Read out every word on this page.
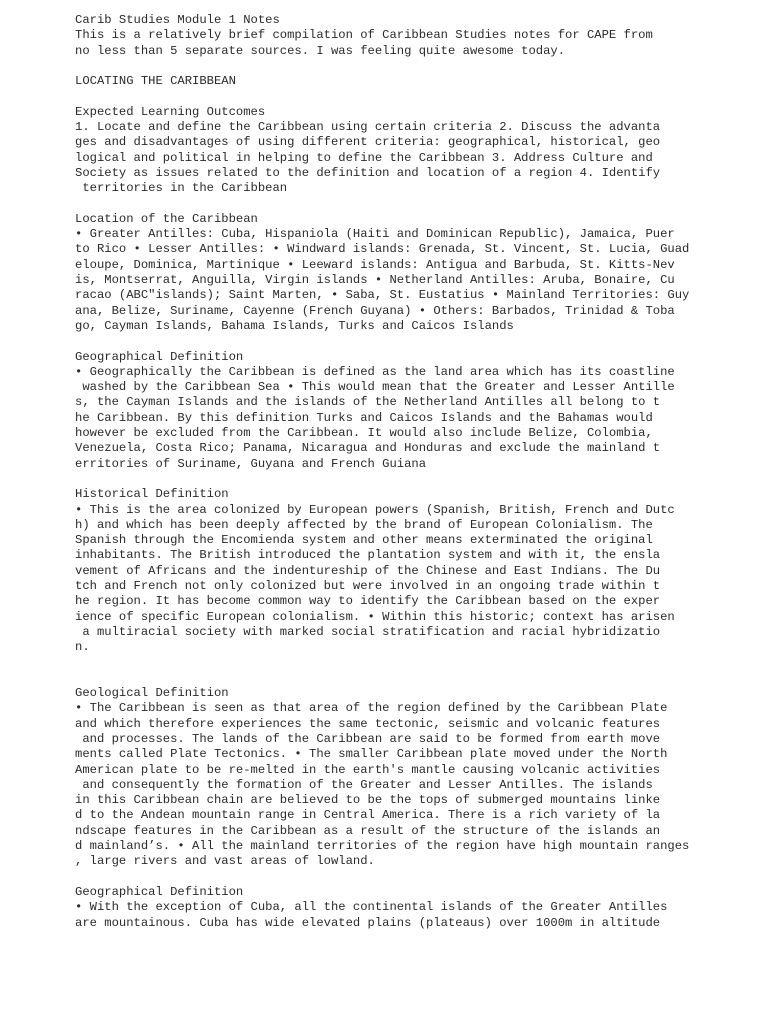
Carib Studies Module 1 Notes
This is a relatively brief compilation of Caribbean Studies notes for CAPE from
no less than 5 separate sources. I was feeling quite awesome today.
LOCATING THE CARIBBEAN
Expected Learning Outcomes
1. Locate and define the Caribbean using certain criteria 2. Discuss the advanta
ges and disadvantages of using different criteria: geographical, historical, geo
logical and political in helping to define the Caribbean 3. Address Culture and
Society as issues related to the definition and location of a region 4. Identify
territories in the Caribbean
Location of the Caribbean
• Greater Antilles: Cuba, Hispaniola (Haiti and Dominican Republic), Jamaica, Puer
to Rico • Lesser Antilles: • Windward islands: Grenada, St. Vincent, St. Lucia, Guad
eloupe, Dominica, Martinique • Leeward islands: Antigua and Barbuda, St. Kitts-Nev
is, Montserrat, Anguilla, Virgin islands • Netherland Antilles: Aruba, Bonaire, Cu
racao (ABC"islands); Saint Marten, • Saba, St. Eustatius • Mainland Territories: Guy
ana, Belize, Suriname, Cayenne (French Guyana) • Others: Barbados, Trinidad & Toba
go, Cayman Islands, Bahama Islands, Turks and Caicos Islands
Geographical Definition
• Geographically the Caribbean is defined as the land area which has its coastline
washed by the Caribbean Sea • This would mean that the Greater and Lesser Antille
s, the Cayman Islands and the islands of the Netherland Antilles all belong to t
he Caribbean. By this definition Turks and Caicos Islands and the Bahamas would
however be excluded from the Caribbean. It would also include Belize, Colombia,
Venezuela, Costa Rico; Panama, Nicaragua and Honduras and exclude the mainland t
erritories of Suriname, Guyana and French Guiana
Historical Definition
• This is the area colonized by European powers (Spanish, British, French and Dutc
h) and which has been deeply affected by the brand of European Colonialism. The
Spanish through the Encomienda system and other means exterminated the original
inhabitants. The British introduced the plantation system and with it, the ensla
vement of Africans and the indentureship of the Chinese and East Indians. The Du
tch and French not only colonized but were involved in an ongoing trade within t
he region. It has become common way to identify the Caribbean based on the exper
ience of specific European colonialism. • Within this historic; context has arisen
a multiracial society with marked social stratification and racial hybridizatio
n.
Geological Definition
• The Caribbean is seen as that area of the region defined by the Caribbean Plate
and which therefore experiences the same tectonic, seismic and volcanic features
and processes. The lands of the Caribbean are said to be formed from earth move
ments called Plate Tectonics. • The smaller Caribbean plate moved under the North
American plate to be re-melted in the earth's mantle causing volcanic activities
and consequently the formation of the Greater and Lesser Antilles. The islands
in this Caribbean chain are believed to be the tops of submerged mountains linke
d to the Andean mountain range in Central America. There is a rich variety of la
ndscape features in the Caribbean as a result of the structure of the islands an
d mainland’s. • All the mainland territories of the region have high mountain ranges
, large rivers and vast areas of lowland.
Geographical Definition
• With the exception of Cuba, all the continental islands of the Greater Antilles
are mountainous. Cuba has wide elevated plains (plateaus) over 1000m in altitude
